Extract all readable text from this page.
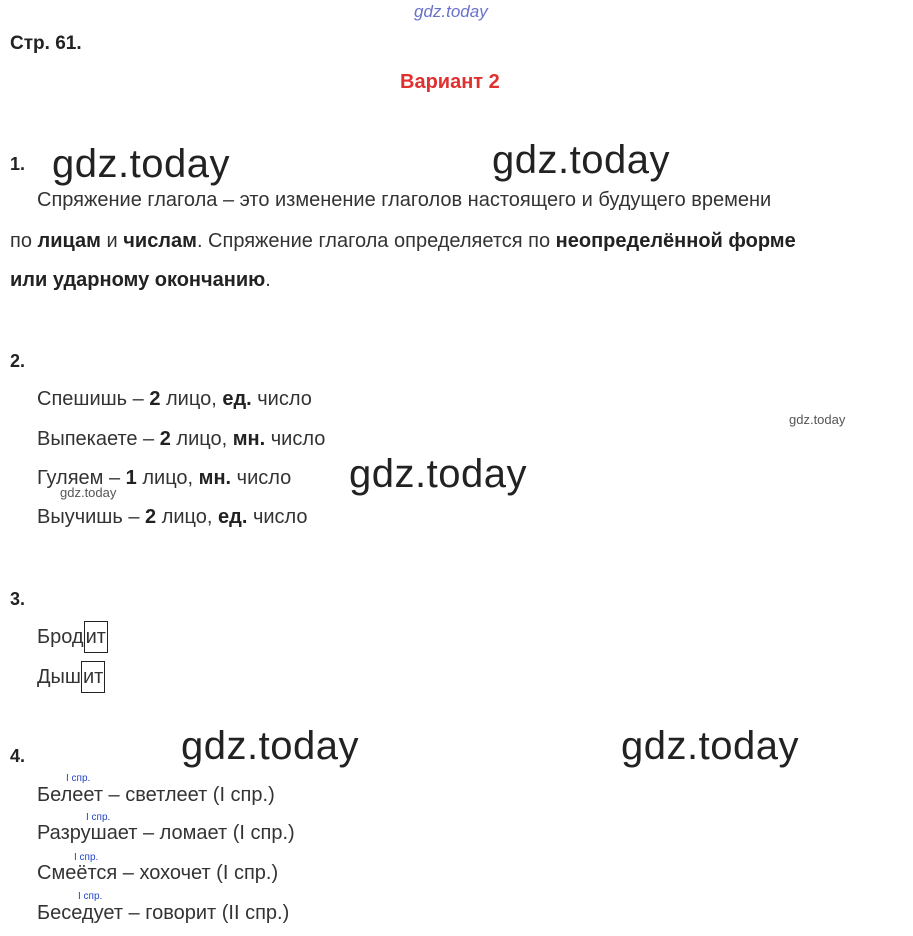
gdz.today
gdz.today	gdz.today
gdz.today
gdz.today
gdz.today
gdz.today	gdz.today
Стр. 61.
Вариант 2
1.
Спряжение глагола – это изменение глаголов настоящего и будущего времени
по лицам и числам. Спряжение глагола определяется по неопределённой форме
или ударному окончанию.
2.
Спешишь – 2 лицо, ед. число
Выпекаете – 2 лицо, мн. число
Гуляем – 1 лицо, мн. число
Выучишь – 2 лицо, ед. число
3.
Брод ит
Дыш ит
4.
I спр.
Белеет – светлеет (I спр.)
I спр.
Разрушает – ломает (I спр.)
I спр.
Смеётся – хохочет (I спр.)
I спр.
Беседует – говорит (II спр.)
